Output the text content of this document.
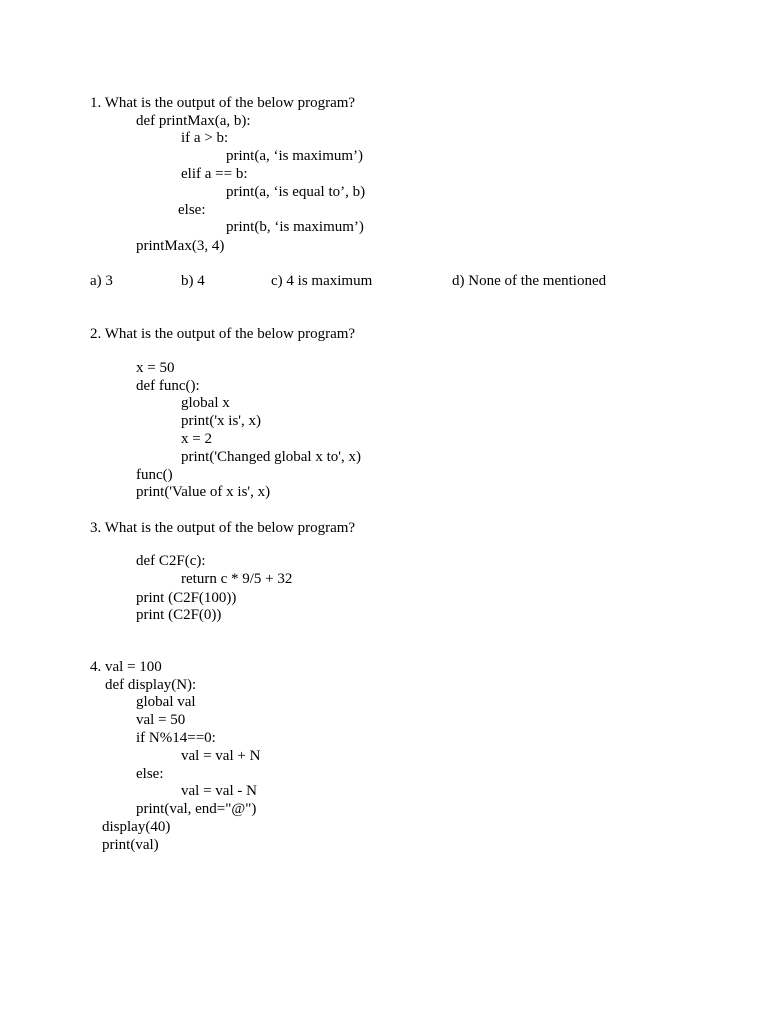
1. What is the output of the below program?
def printMax(a, b):
if a > b:
print(a, ‘is maximum’)
elif a == b:
print(a, ‘is equal to’, b)
else:
print(b, ‘is maximum’)
printMax(3, 4)
a) 3	b) 4	c) 4 is maximum	d) None of the mentioned
2. What is the output of the below program?
x = 50
def func():
global x
print('x is', x)
x = 2
print('Changed global x to', x)
func()
print('Value of x is', x)
3. What is the output of the below program?
def C2F(c):
return c * 9/5 + 32
print (C2F(100))
print (C2F(0))
4. val = 100
def display(N):
global val
val = 50
if N%14==0:
val = val + N
else:
val = val - N
print(val, end="@")
display(40)
print(val)
